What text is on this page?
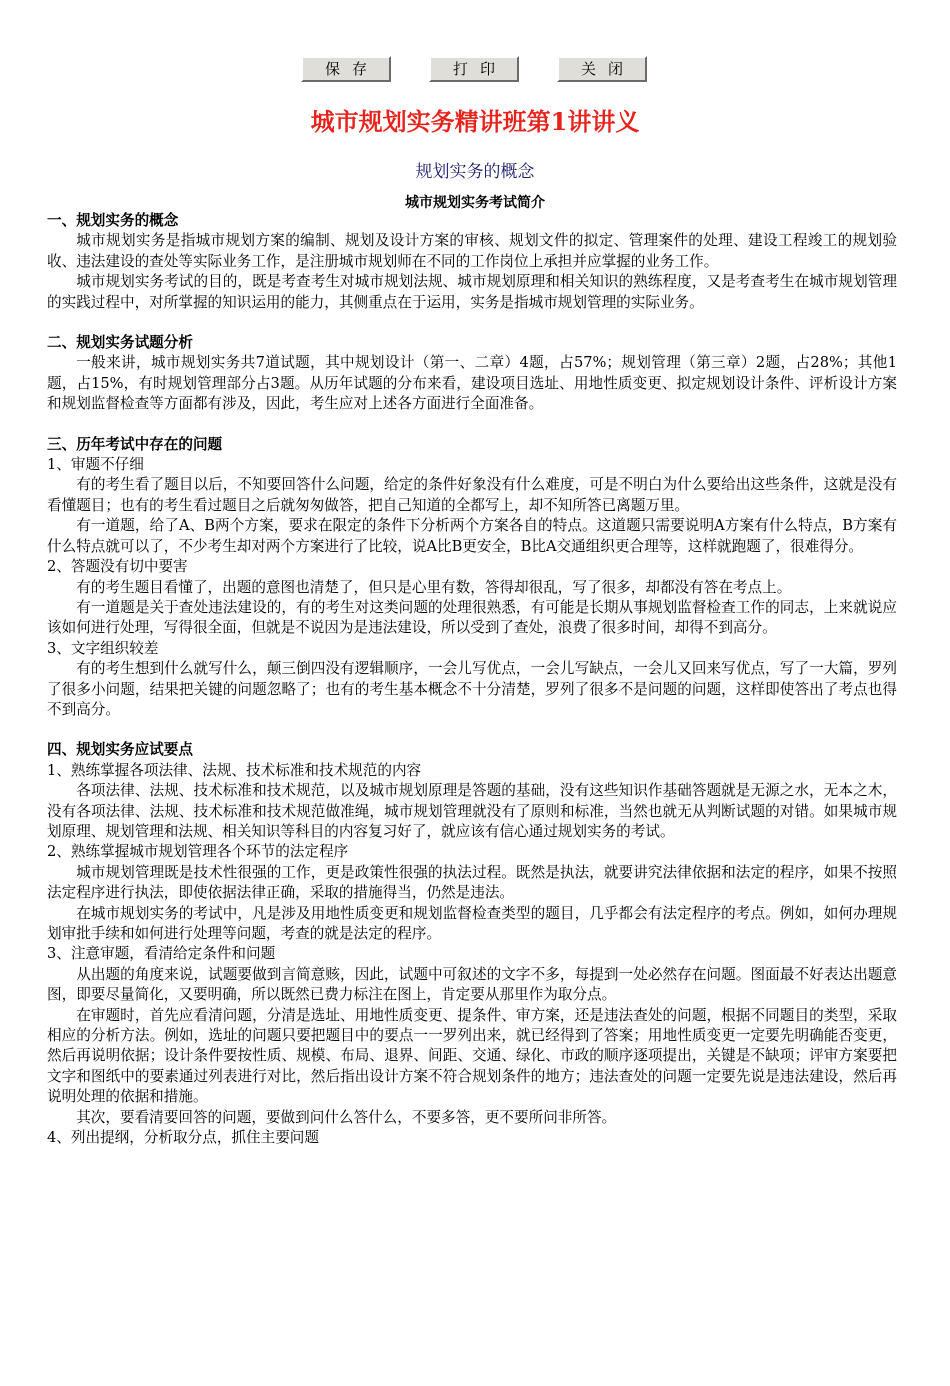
保存	打印	关闭
城市规划实务精讲班第1讲讲义
规划实务的概念
城市规划实务考试简介

一、规划实务的概念

城市规划实务是指城市规划方案的编制、规划及设计方案的审核、规划文件的拟定、管理案件的处理、建设工程竣工的规划验收、违法建设的查处等实际业务工作，是注册城市规划师在不同的工作岗位上承担并应掌握的业务工作。

城市规划实务考试的目的，既是考查考生对城市规划法规、城市规划原理和相关知识的熟练程度，又是考查考生在城市规划管理的实践过程中，对所掌握的知识运用的能力，其侧重点在于运用，实务是指城市规划管理的实际业务。

二、规划实务试题分析

一般来讲，城市规划实务共7道试题，其中规划设计（第一、二章）4题，占57%；规划管理（第三章）2题，占28%；其他1题，占15%，有时规划管理部分占3题。从历年试题的分布来看，建设项目选址、用地性质变更、拟定规划设计条件、评析设计方案和规划监督检查等方面都有涉及，因此，考生应对上述各方面进行全面准备。

三、历年考试中存在的问题

1、审题不仔细

有的考生看了题目以后，不知要回答什么问题，给定的条件好象没有什么难度，可是不明白为什么要给出这些条件，这就是没有看懂题目；也有的考生看过题目之后就匆匆做答，把自己知道的全都写上，却不知所答已离题万里。

有一道题，给了A、B两个方案，要求在限定的条件下分析两个方案各自的特点。这道题只需要说明A方案有什么特点，B方案有什么特点就可以了，不少考生却对两个方案进行了比较，说A比B更安全，B比A交通组织更合理等，这样就跑题了，很难得分。

2、答题没有切中要害

有的考生题目看懂了，出题的意图也清楚了，但只是心里有数，答得却很乱，写了很多，却都没有答在考点上。

有一道题是关于查处违法建设的，有的考生对这类问题的处理很熟悉，有可能是长期从事规划监督检查工作的同志，上来就说应该如何进行处理，写得很全面，但就是不说因为是违法建设，所以受到了查处，浪费了很多时间，却得不到高分。

3、文字组织较差

有的考生想到什么就写什么，颠三倒四没有逻辑顺序，一会儿写优点，一会儿写缺点，一会儿又回来写优点，写了一大篇，罗列了很多小问题，结果把关键的问题忽略了；也有的考生基本概念不十分清楚，罗列了很多不是问题的问题，这样即使答出了考点也得不到高分。

四、规划实务应试要点

1、熟练掌握各项法律、法规、技术标准和技术规范的内容

各项法律、法规、技术标准和技术规范，以及城市规划原理是答题的基础，没有这些知识作基础答题就是无源之水，无本之木，没有各项法律、法规、技术标准和技术规范做准绳，城市规划管理就没有了原则和标准，当然也就无从判断试题的对错。如果城市规划原理、规划管理和法规、相关知识等科目的内容复习好了，就应该有信心通过规划实务的考试。

2、熟练掌握城市规划管理各个环节的法定程序

城市规划管理既是技术性很强的工作，更是政策性很强的执法过程。既然是执法，就要讲究法律依据和法定的程序，如果不按照法定程序进行执法，即使依据法律正确，采取的措施得当，仍然是违法。

在城市规划实务的考试中，凡是涉及用地性质变更和规划监督检查类型的题目，几乎都会有法定程序的考点。例如，如何办理规划审批手续和如何进行处理等问题，考查的就是法定的程序。

3、注意审题，看清给定条件和问题

从出题的角度来说，试题要做到言简意赅，因此，试题中可叙述的文字不多，每提到一处必然存在问题。图面最不好表达出题意图，即要尽量简化，又要明确，所以既然已费力标注在图上，肯定要从那里作为取分点。

在审题时，首先应看清问题，分清是选址、用地性质变更、提条件、审方案，还是违法查处的问题，根据不同题目的类型，采取相应的分析方法。例如，选址的问题只要把题目中的要点一一罗列出来，就已经得到了答案；用地性质变更一定要先明确能否变更，然后再说明依据；设计条件要按性质、规模、布局、退界、间距、交通、绿化、市政的顺序逐项提出，关键是不缺项；评审方案要把文字和图纸中的要素通过列表进行对比，然后指出设计方案不符合规划条件的地方；违法查处的问题一定要先说是违法建设，然后再说明处理的依据和措施。

其次，要看清要回答的问题，要做到问什么答什么，不要多答，更不要所问非所答。

4、列出提纲，分析取分点，抓住主要问题
